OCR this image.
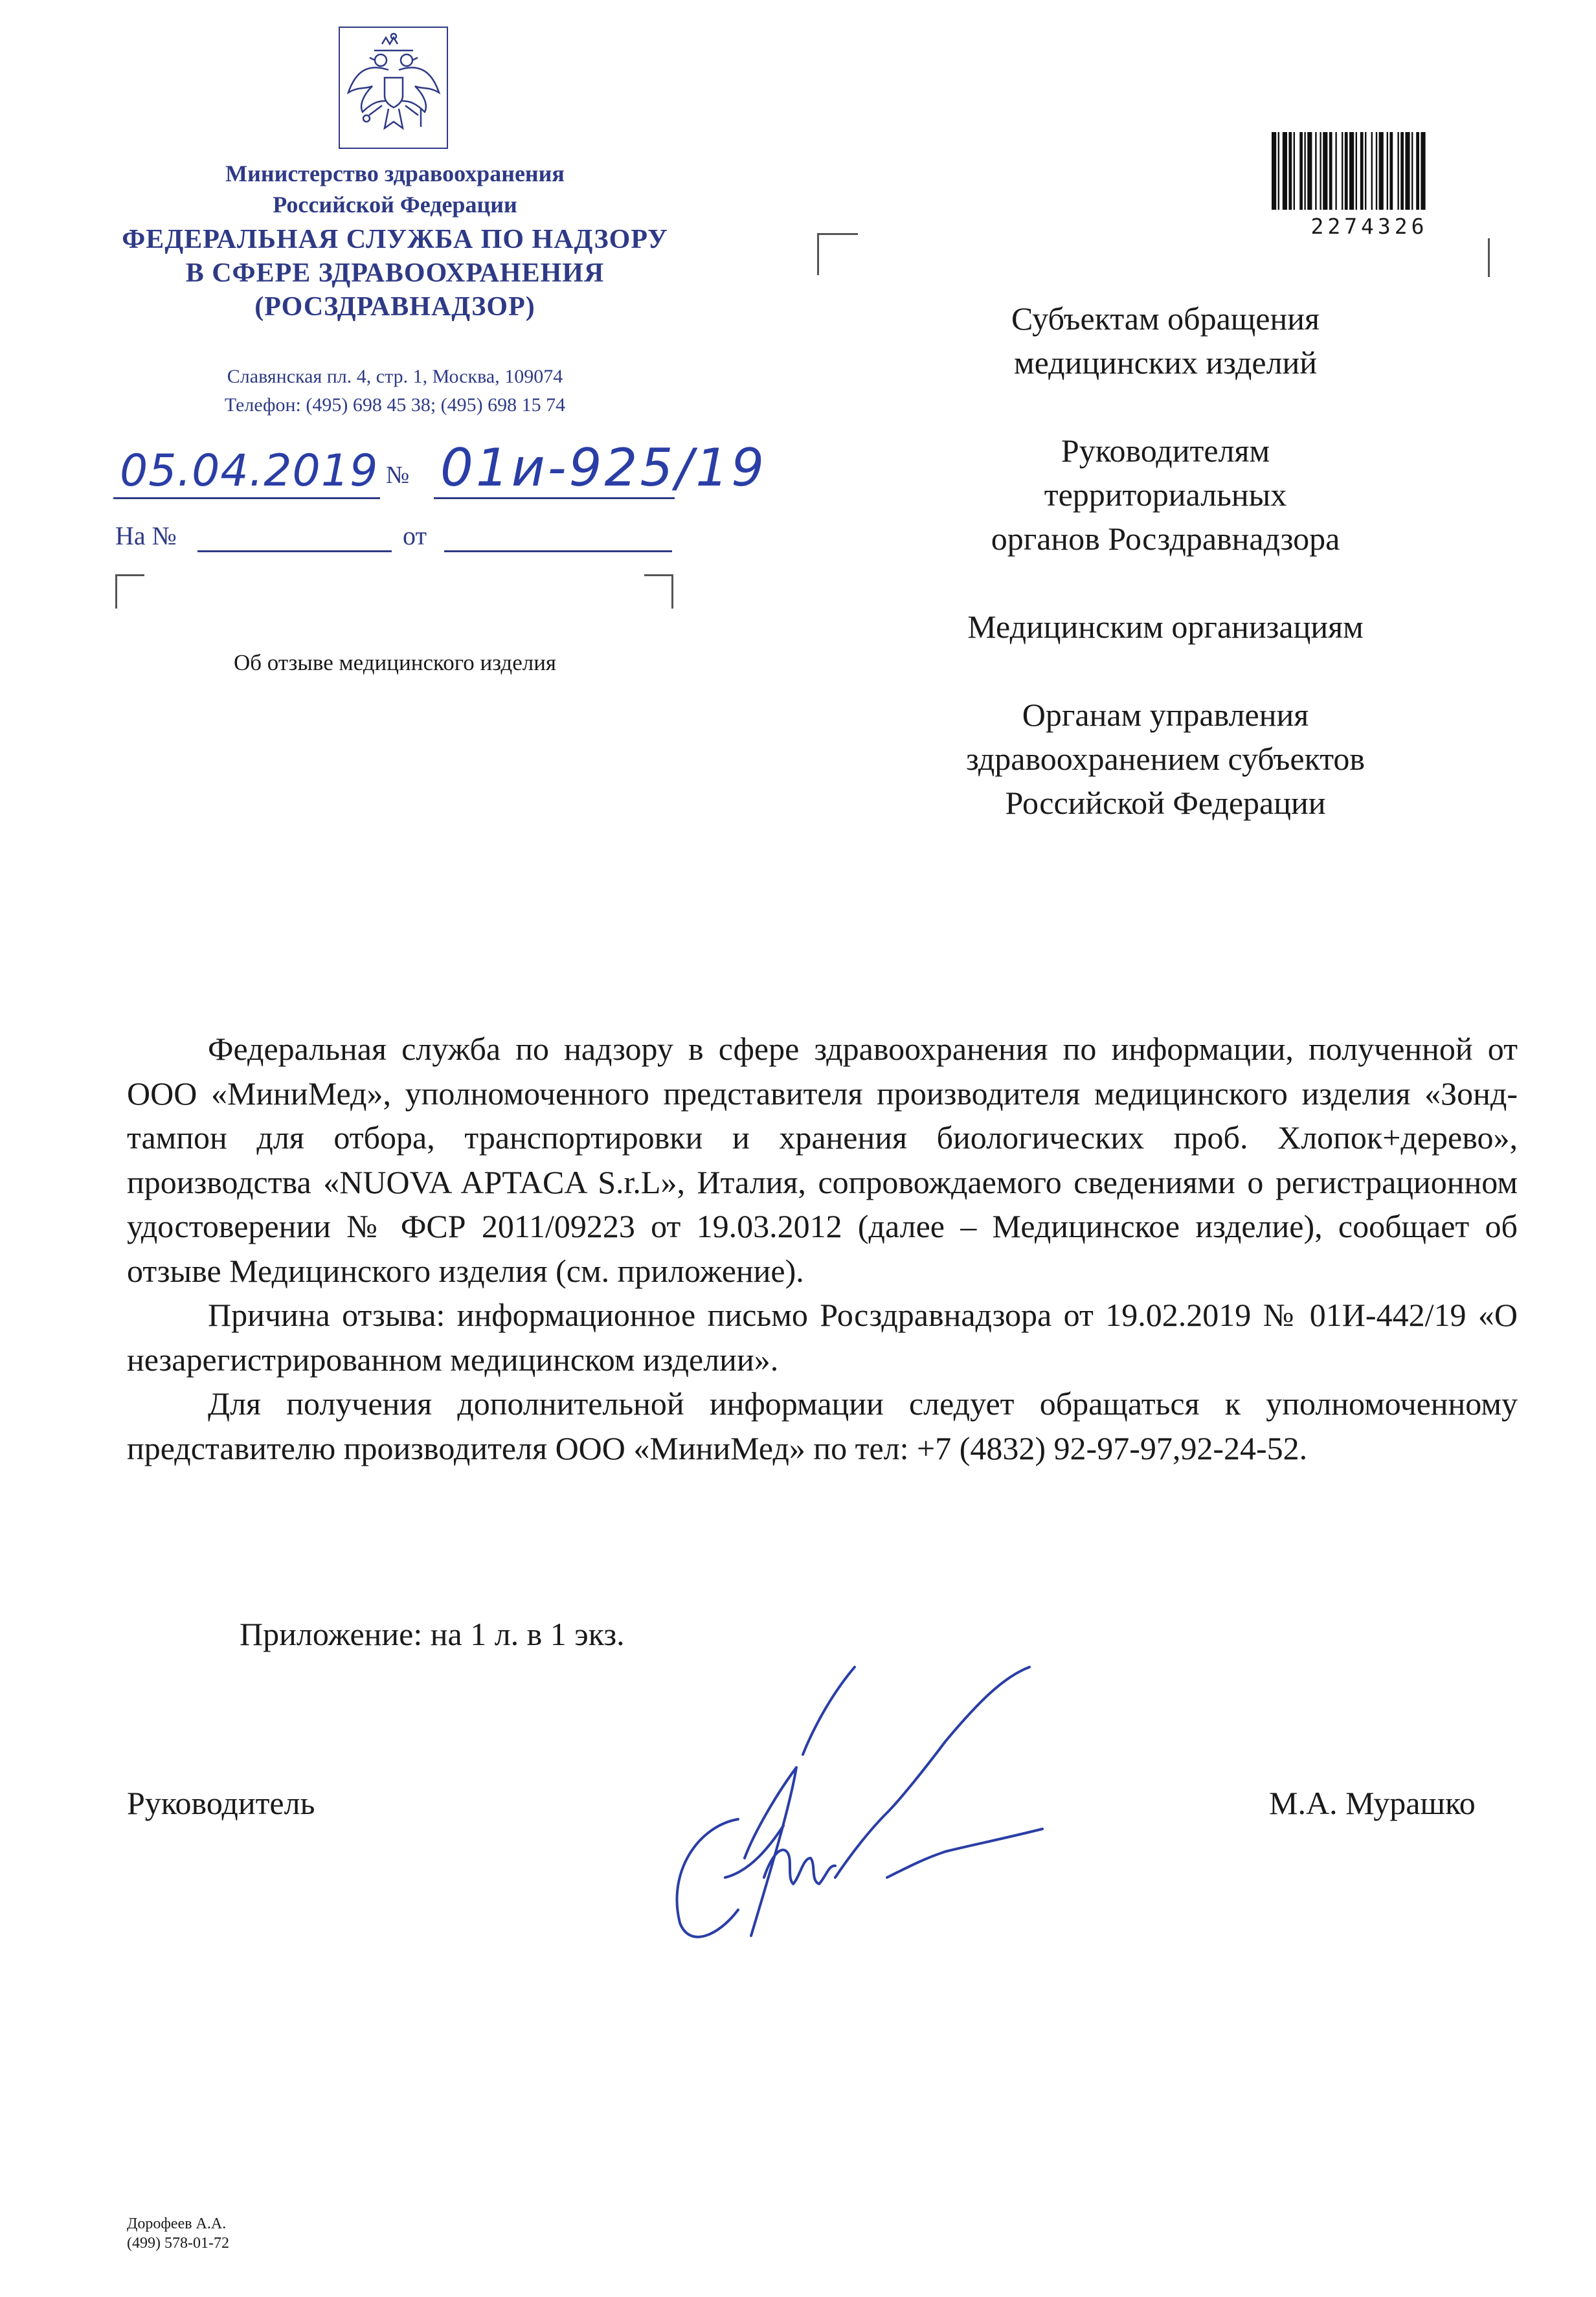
Министерство здравоохранения
Российской Федерации
ФЕДЕРАЛЬНАЯ СЛУЖБА ПО НАДЗОРУ
В СФЕРЕ ЗДРАВООХРАНЕНИЯ
(РОСЗДРАВНАДЗОР)
Славянская пл. 4, стр. 1, Москва, 109074
Телефон: (495) 698 45 38; (495) 698 15 74
05.04.2019 № 01и-925/19
На №	от
Об отзыве медицинского изделия
2274326
Субъектам обращения
медицинских изделий
Руководителям
территориальных
органов Росздравнадзора
Медицинским организациям
Органам управления
здравоохранением субъектов
Российской Федерации

Федеральная служба по надзору в сфере здравоохранения по информации, полученной от ООО «МиниМед», уполномоченного представителя производителя медицинского изделия «Зонд-тампон для отбора, транспортировки и хранения биологических проб. Хлопок+дерево», производства «NUOVA APTACA S.r.L», Италия, сопровождаемого сведениями о регистрационном удостоверении № ФСР 2011/09223 от 19.03.2012 (далее – Медицинское изделие), сообщает об отзыве Медицинского изделия (см. приложение).

Причина отзыва: информационное письмо Росздравнадзора от 19.02.2019 № 01И-442/19 «О незарегистрированном медицинском изделии».

Для получения дополнительной информации следует обращаться к уполномоченному представителю производителя ООО «МиниМед» по тел: +7 (4832) 92-97-97,92-24-52.

Приложение: на 1 л. в 1 экз.
Руководитель	М.А. Мурашко
Дорофеев А.А.
(499) 578-01-72
